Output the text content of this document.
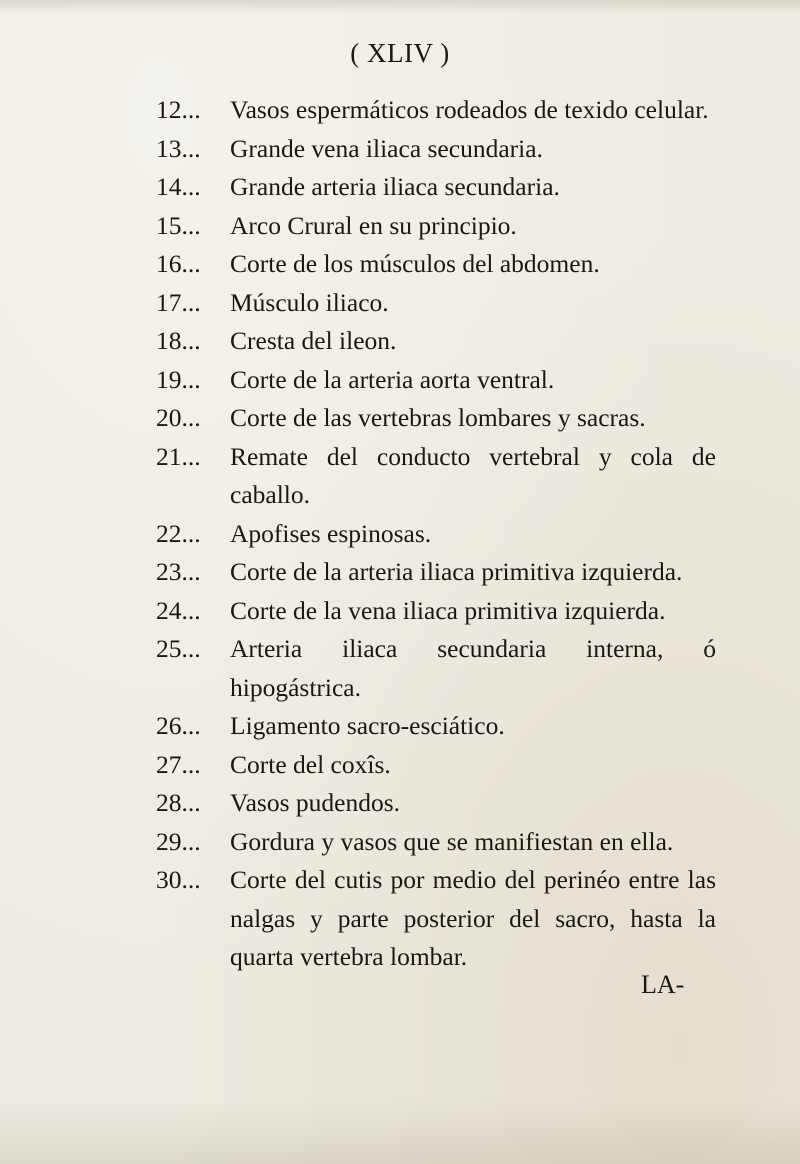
( XLIV )
12...	Vasos espermáticos rodeados de texido celular.
13...	Grande vena iliaca secundaria.
14...	Grande arteria iliaca secundaria.
15...	Arco Crural en su principio.
16...	Corte de los músculos del abdomen.
17...	Músculo iliaco.
18...	Cresta del ileon.
19...	Corte de la arteria aorta ventral.
20...	Corte de las vertebras lombares y sacras.
21...	Remate del conducto vertebral y cola de caballo.
22...	Apofises espinosas.
23...	Corte de la arteria iliaca primitiva izquierda.
24...	Corte de la vena iliaca primitiva izquierda.
25...	Arteria iliaca secundaria interna, ó hipogástrica.
26...	Ligamento sacro-esciático.
27...	Corte del coxîs.
28...	Vasos pudendos.
29...	Gordura y vasos que se manifiestan en ella.
30...	Corte del cutis por medio del perinéo entre las nalgas y parte posterior del sacro, hasta la quarta vertebra lombar.
LA-
